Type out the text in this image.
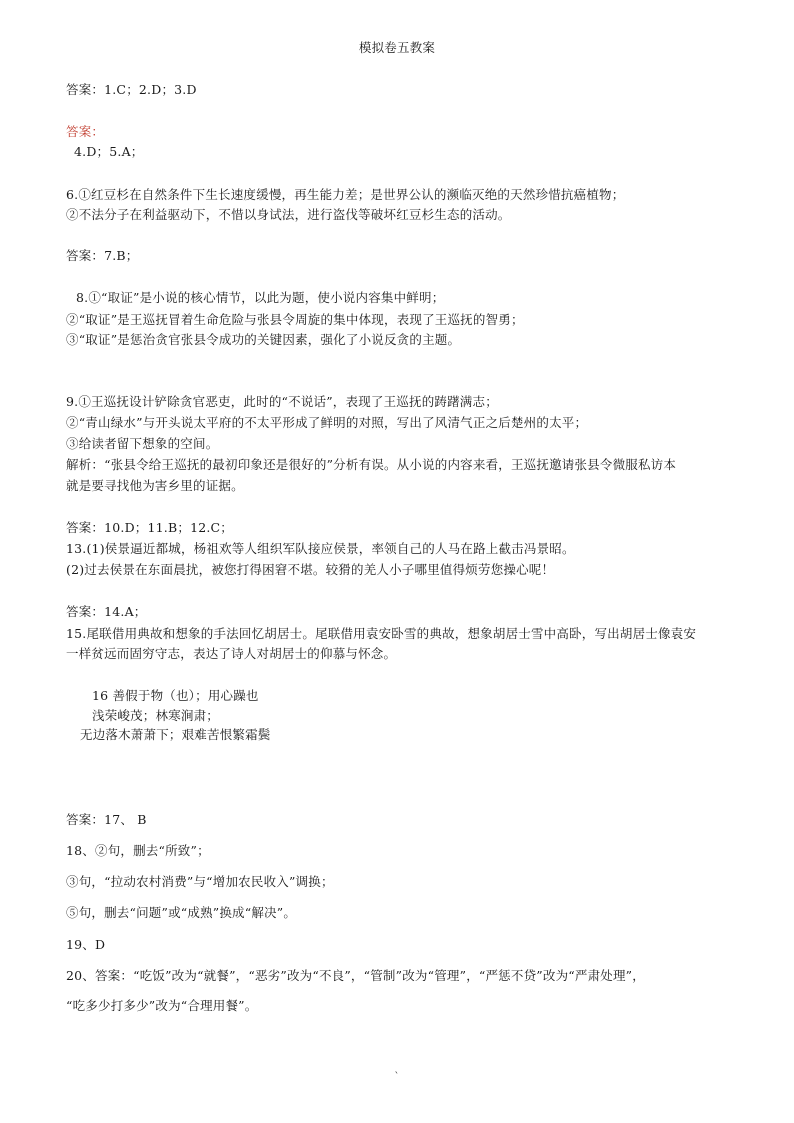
模拟卷五教案
答案：1.C；2.D；3.D
答案：
4.D；5.A；
6.①红豆杉在自然条件下生长速度缓慢，再生能力差；是世界公认的濒临灭绝的天然珍惜抗癌植物；
②不法分子在利益驱动下，不惜以身试法，进行盗伐等破坏红豆杉生态的活动。
答案：7.B；
8.①“取证”是小说的核心情节，以此为题，使小说内容集中鲜明；
②“取证”是王巡抚冒着生命危险与张县令周旋的集中体现，表现了王巡抚的智勇；
③“取证”是惩治贪官张县令成功的关键因素，强化了小说反贪的主题。
9.①王巡抚设计铲除贪官恶吏，此时的“不说话”，表现了王巡抚的踌躇满志；
②“青山绿水”与开头说太平府的不太平形成了鲜明的对照，写出了风清气正之后楚州的太平；
③给读者留下想象的空间。
解析：“张县令给王巡抚的最初印象还是很好的”分析有误。从小说的内容来看，王巡抚邀请张县令微服私访本
就是要寻找他为害乡里的证据。
答案：10.D；11.B；12.C；
13.(1)侯景逼近都城，杨祖欢等人组织军队接应侯景，率领自己的人马在路上截击冯景昭。
(2)过去侯景在东面晨扰，被您打得困窘不堪。较猾的羌人小子哪里值得烦劳您操心呢！
答案：14.A；
15.尾联借用典故和想象的手法回忆胡居士。尾联借用袁安卧雪的典故，想象胡居士雪中高卧，写出胡居士像袁安
一样贫远而固穷守志，表达了诗人对胡居士的仰慕与怀念。
16 善假于物（也）；用心躁也
浅荣峻茂；林寒涧肃；
无边落木萧萧下；艰难苦恨繁霜鬓
答案：17、 B
18、②句，删去“所致”；
③句，“拉动农村消费”与“增加农民收入”调换；
⑤句，删去“问题”或“成熟”换成“解决”。
19、D
20、答案：“吃饭”改为“就餐”，“恶劣”改为“不良”，“管制”改为“管理”，“严惩不贷”改为“严肃处理”，
“吃多少打多少”改为“合理用餐”。
`
